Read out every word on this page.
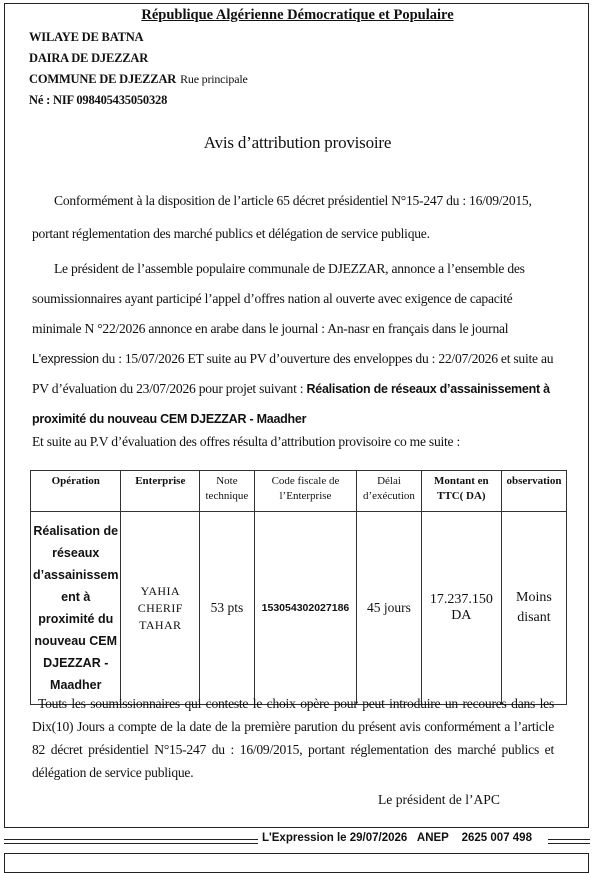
République Algérienne Démocratique et Populaire
WILAYE DE BATNA
DAIRA DE DJEZZAR
COMMUNE DE DJEZZAR Rue principale
Né : NIF 098405435050328
Avis d’attribution provisoire
Conformément à la disposition de l’article 65 décret présidentiel N°15-247 du : 16/09/2015, portant réglementation des marché publics et délégation de service publique.
Le président de l’assemble populaire communale de DJEZZAR, annonce a l’ensemble des soumissionnaires ayant participé l’appel d’offres nation al ouverte avec exigence de capacité minimale N °22/2026 annonce en arabe dans le journal : An-nasr en français dans le journal L'expression du : 15/07/2026 ET suite au PV d’ouverture des enveloppes du : 22/07/2026 et suite au PV d’évaluation du 23/07/2026 pour projet suivant : Réalisation de réseaux d’assainissement à proximité du nouveau CEM DJEZZAR - Maadher
Et suite au P.V d’évaluation des offres résulta d’attribution provisoire co me suite :
Opération	Enterprise	Note technique	Code fiscale de l’Enterprise	Délai d’exécution	Montant en TTC( DA)	observation
Réalisation de réseaux d’assainissem ent à proximité du nouveau CEM DJEZZAR - Maadher	YAHIA CHERIF TAHAR	53 pts	153054302027186	45 jours	17.237.150 DA	Moins disant
Touts les soumissionnaires qui conteste le choix opère pour peut introduire un recoures dans les Dix(10) Jours a compte de la date de la première parution du présent avis conformément a l’article 82 décret présidentiel N°15-247 du : 16/09/2015, portant réglementation des marché publics et délégation de service publique.
Le président de l’APC
L'Expression le 29/07/2026 ANEP 2625 007 498
